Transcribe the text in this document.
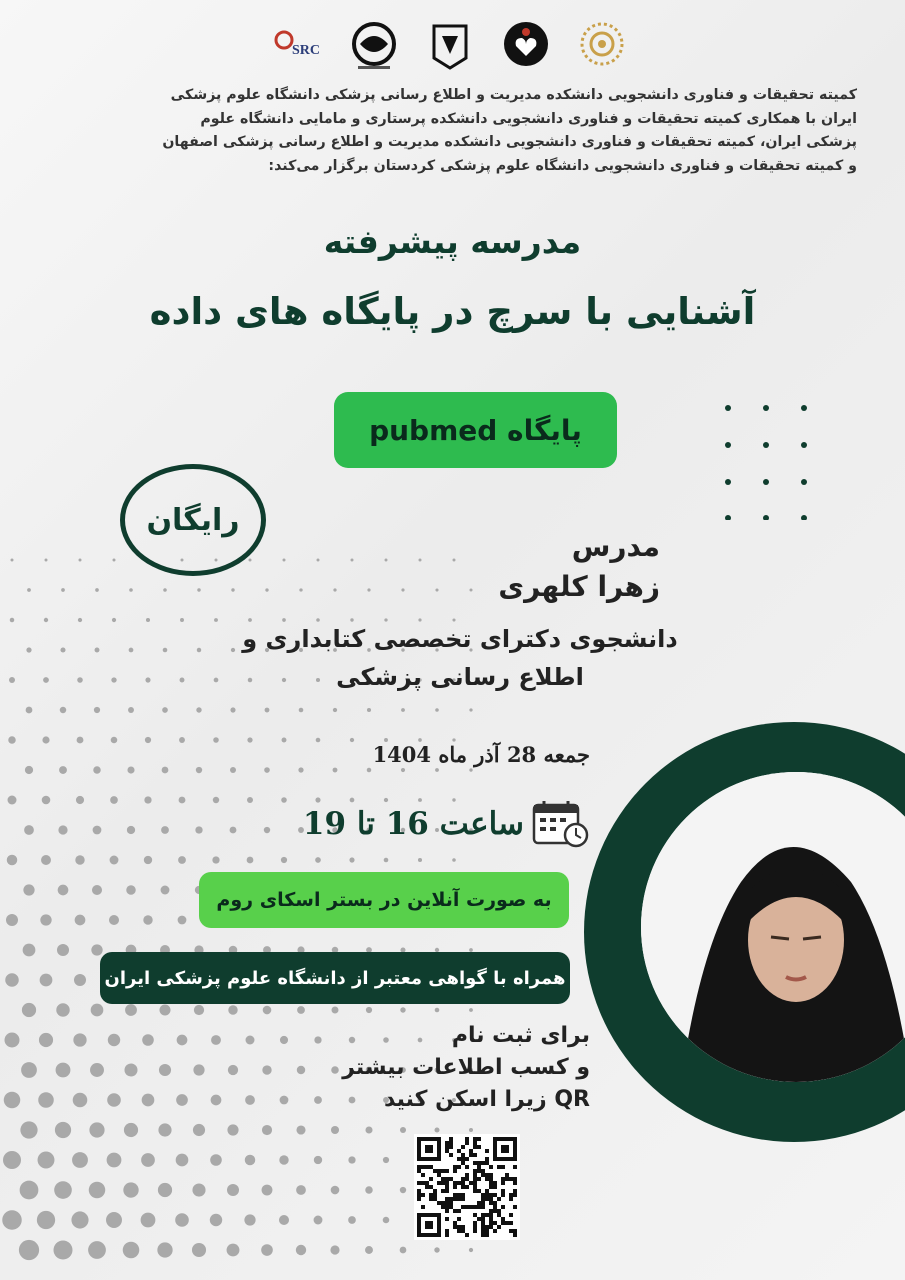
SRC

کمیته تحقیقات و فناوری دانشجویی دانشکده مدیریت و اطلاع رسانی پزشکی دانشگاه علوم پزشکی

ایران با همکاری کمیته تحقیقات و فناوری دانشجویی دانشکده پرستاری و مامایی دانشگاه علوم

پزشکی ایران، کمیته تحقیقات و فناوری دانشجویی دانشکده مدیریت و اطلاع رسانی پزشکی اصفهان

و کمیته تحقیقات و فناوری دانشجویی دانشگاه علوم پزشکی کردستان برگزار می‌کند:

مدرسه پیشرفته
آشنایی با سرچ در پایگاه های داده
پایگاه pubmed
رایگان
مدرس
زهرا کلهری
دانشجوی دکترای تخصصی کتابداری و
اطلاع رسانی پزشکی
جمعه 28 آذر ماه 1404
ساعت 16 تا 19
به صورت آنلاین در بستر اسکای روم
همراه با گواهی معتبر از دانشگاه علوم پزشکی ایران

برای ثبت نام

و کسب اطلاعات بیشتر

QR زیرا اسکن کنید
